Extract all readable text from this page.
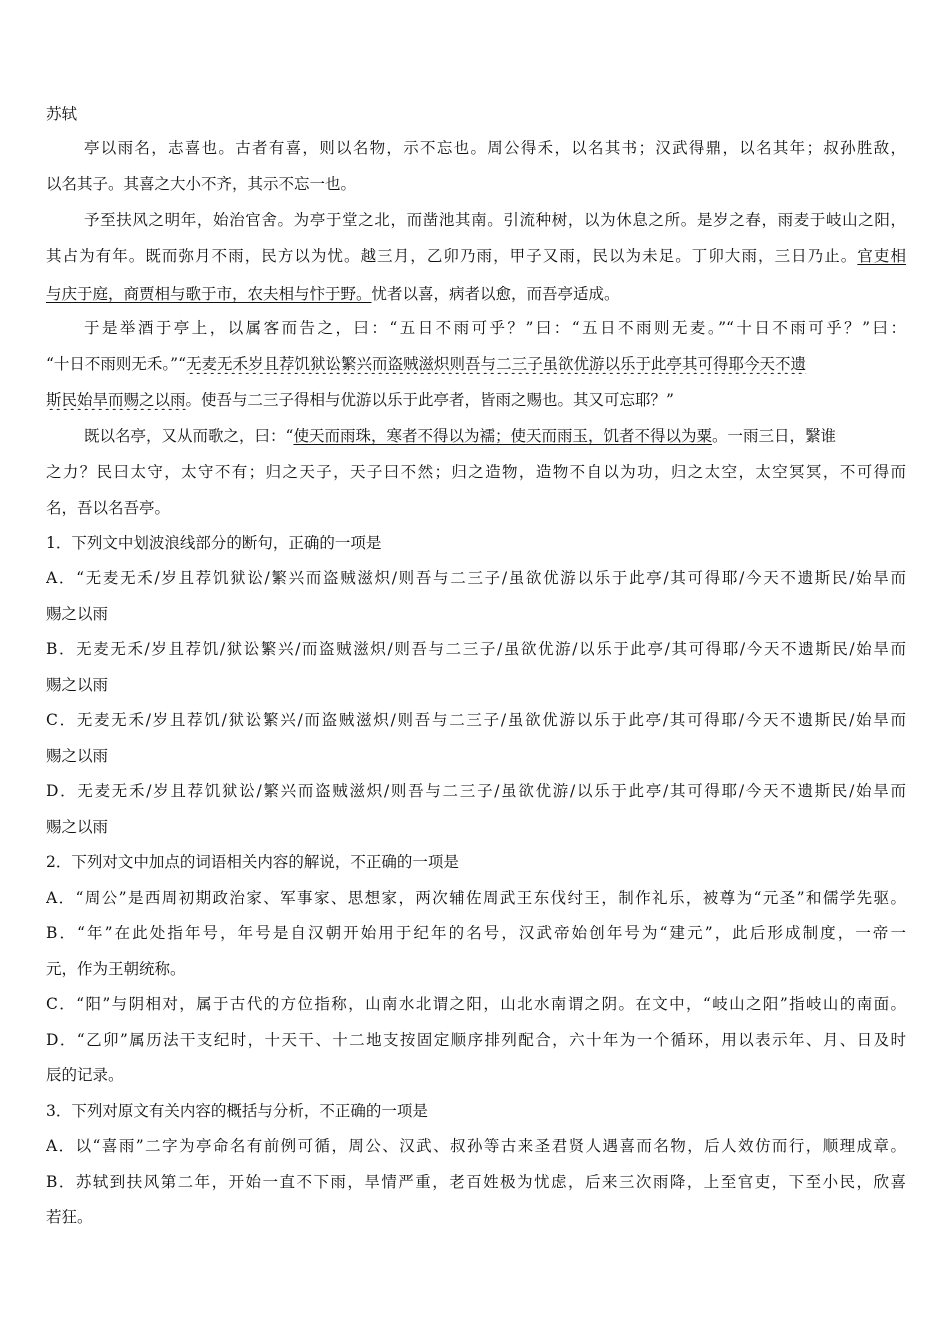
苏轼
亭以雨名，志喜也。古者有喜，则以名物，示不忘也。周公得禾，以名其书；汉武得鼎，以名其年；叔孙胜敌，
以名其子。其喜之大小不齐，其示不忘一也。
予至扶风之明年，始治官舍。为亭于堂之北，而凿池其南。引流种树，以为休息之所。是岁之春，雨麦于岐山之阳，
其占为有年。既而弥月不雨，民方以为忧。越三月，乙卯乃雨，甲子又雨，民以为未足。丁卯大雨，三日乃止。官吏相
与庆于庭，商贾相与歌于市，农夫相与忭于野。忧者以喜，病者以愈，而吾亭适成。
于是举酒于亭上，以属客而告之，曰：“五日不雨可乎？”曰：“五日不雨则无麦。”“十日不雨可乎？”曰：
“十日不雨则无禾。”“无麦无禾岁且荐饥狱讼繁兴而盗贼滋炽则吾与二三子虽欲优游以乐于此亭其可得耶今天不遗
斯民始旱而赐之以雨。使吾与二三子得相与优游以乐于此亭者，皆雨之赐也。其又可忘耶？”
既以名亭，又从而歌之，曰：“使天而雨珠，寒者不得以为襦；使天而雨玉，饥者不得以为粟。一雨三日，繄谁
之力？民曰太守，太守不有；归之天子，天子曰不然；归之造物，造物不自以为功，归之太空，太空冥冥，不可得而
名，吾以名吾亭。
1．下列文中划波浪线部分的断句，正确的一项是
A．“无麦无禾/岁且荐饥狱讼/繁兴而盗贼滋炽/则吾与二三子/虽欲优游以乐于此亭/其可得耶/今天不遗斯民/始旱而
赐之以雨
B．无麦无禾/岁且荐饥/狱讼繁兴/而盗贼滋炽/则吾与二三子/虽欲优游/以乐于此亭/其可得耶/今天不遗斯民/始旱而
赐之以雨
C．无麦无禾/岁且荐饥/狱讼繁兴/而盗贼滋炽/则吾与二三子/虽欲优游以乐于此亭/其可得耶/今天不遗斯民/始旱而
赐之以雨
D．无麦无禾/岁且荐饥狱讼/繁兴而盗贼滋炽/则吾与二三子/虽欲优游/以乐于此亭/其可得耶/今天不遗斯民/始旱而
赐之以雨
2．下列对文中加点的词语相关内容的解说，不正确的一项是
A．“周公”是西周初期政治家、军事家、思想家，两次辅佐周武王东伐纣王，制作礼乐，被尊为“元圣”和儒学先驱。
B．“年”在此处指年号，年号是自汉朝开始用于纪年的名号，汉武帝始创年号为“建元”，此后形成制度，一帝一
元，作为王朝统称。
C．“阳”与阴相对，属于古代的方位指称，山南水北谓之阳，山北水南谓之阴。在文中，“岐山之阳”指岐山的南面。
D．“乙卯”属历法干支纪时，十天干、十二地支按固定顺序排列配合，六十年为一个循环，用以表示年、月、日及时
辰的记录。
3．下列对原文有关内容的概括与分析，不正确的一项是
A．以“喜雨”二字为亭命名有前例可循，周公、汉武、叔孙等古来圣君贤人遇喜而名物，后人效仿而行，顺理成章。
B．苏轼到扶风第二年，开始一直不下雨，旱情严重，老百姓极为忧虑，后来三次雨降，上至官吏，下至小民，欣喜
若狂。
